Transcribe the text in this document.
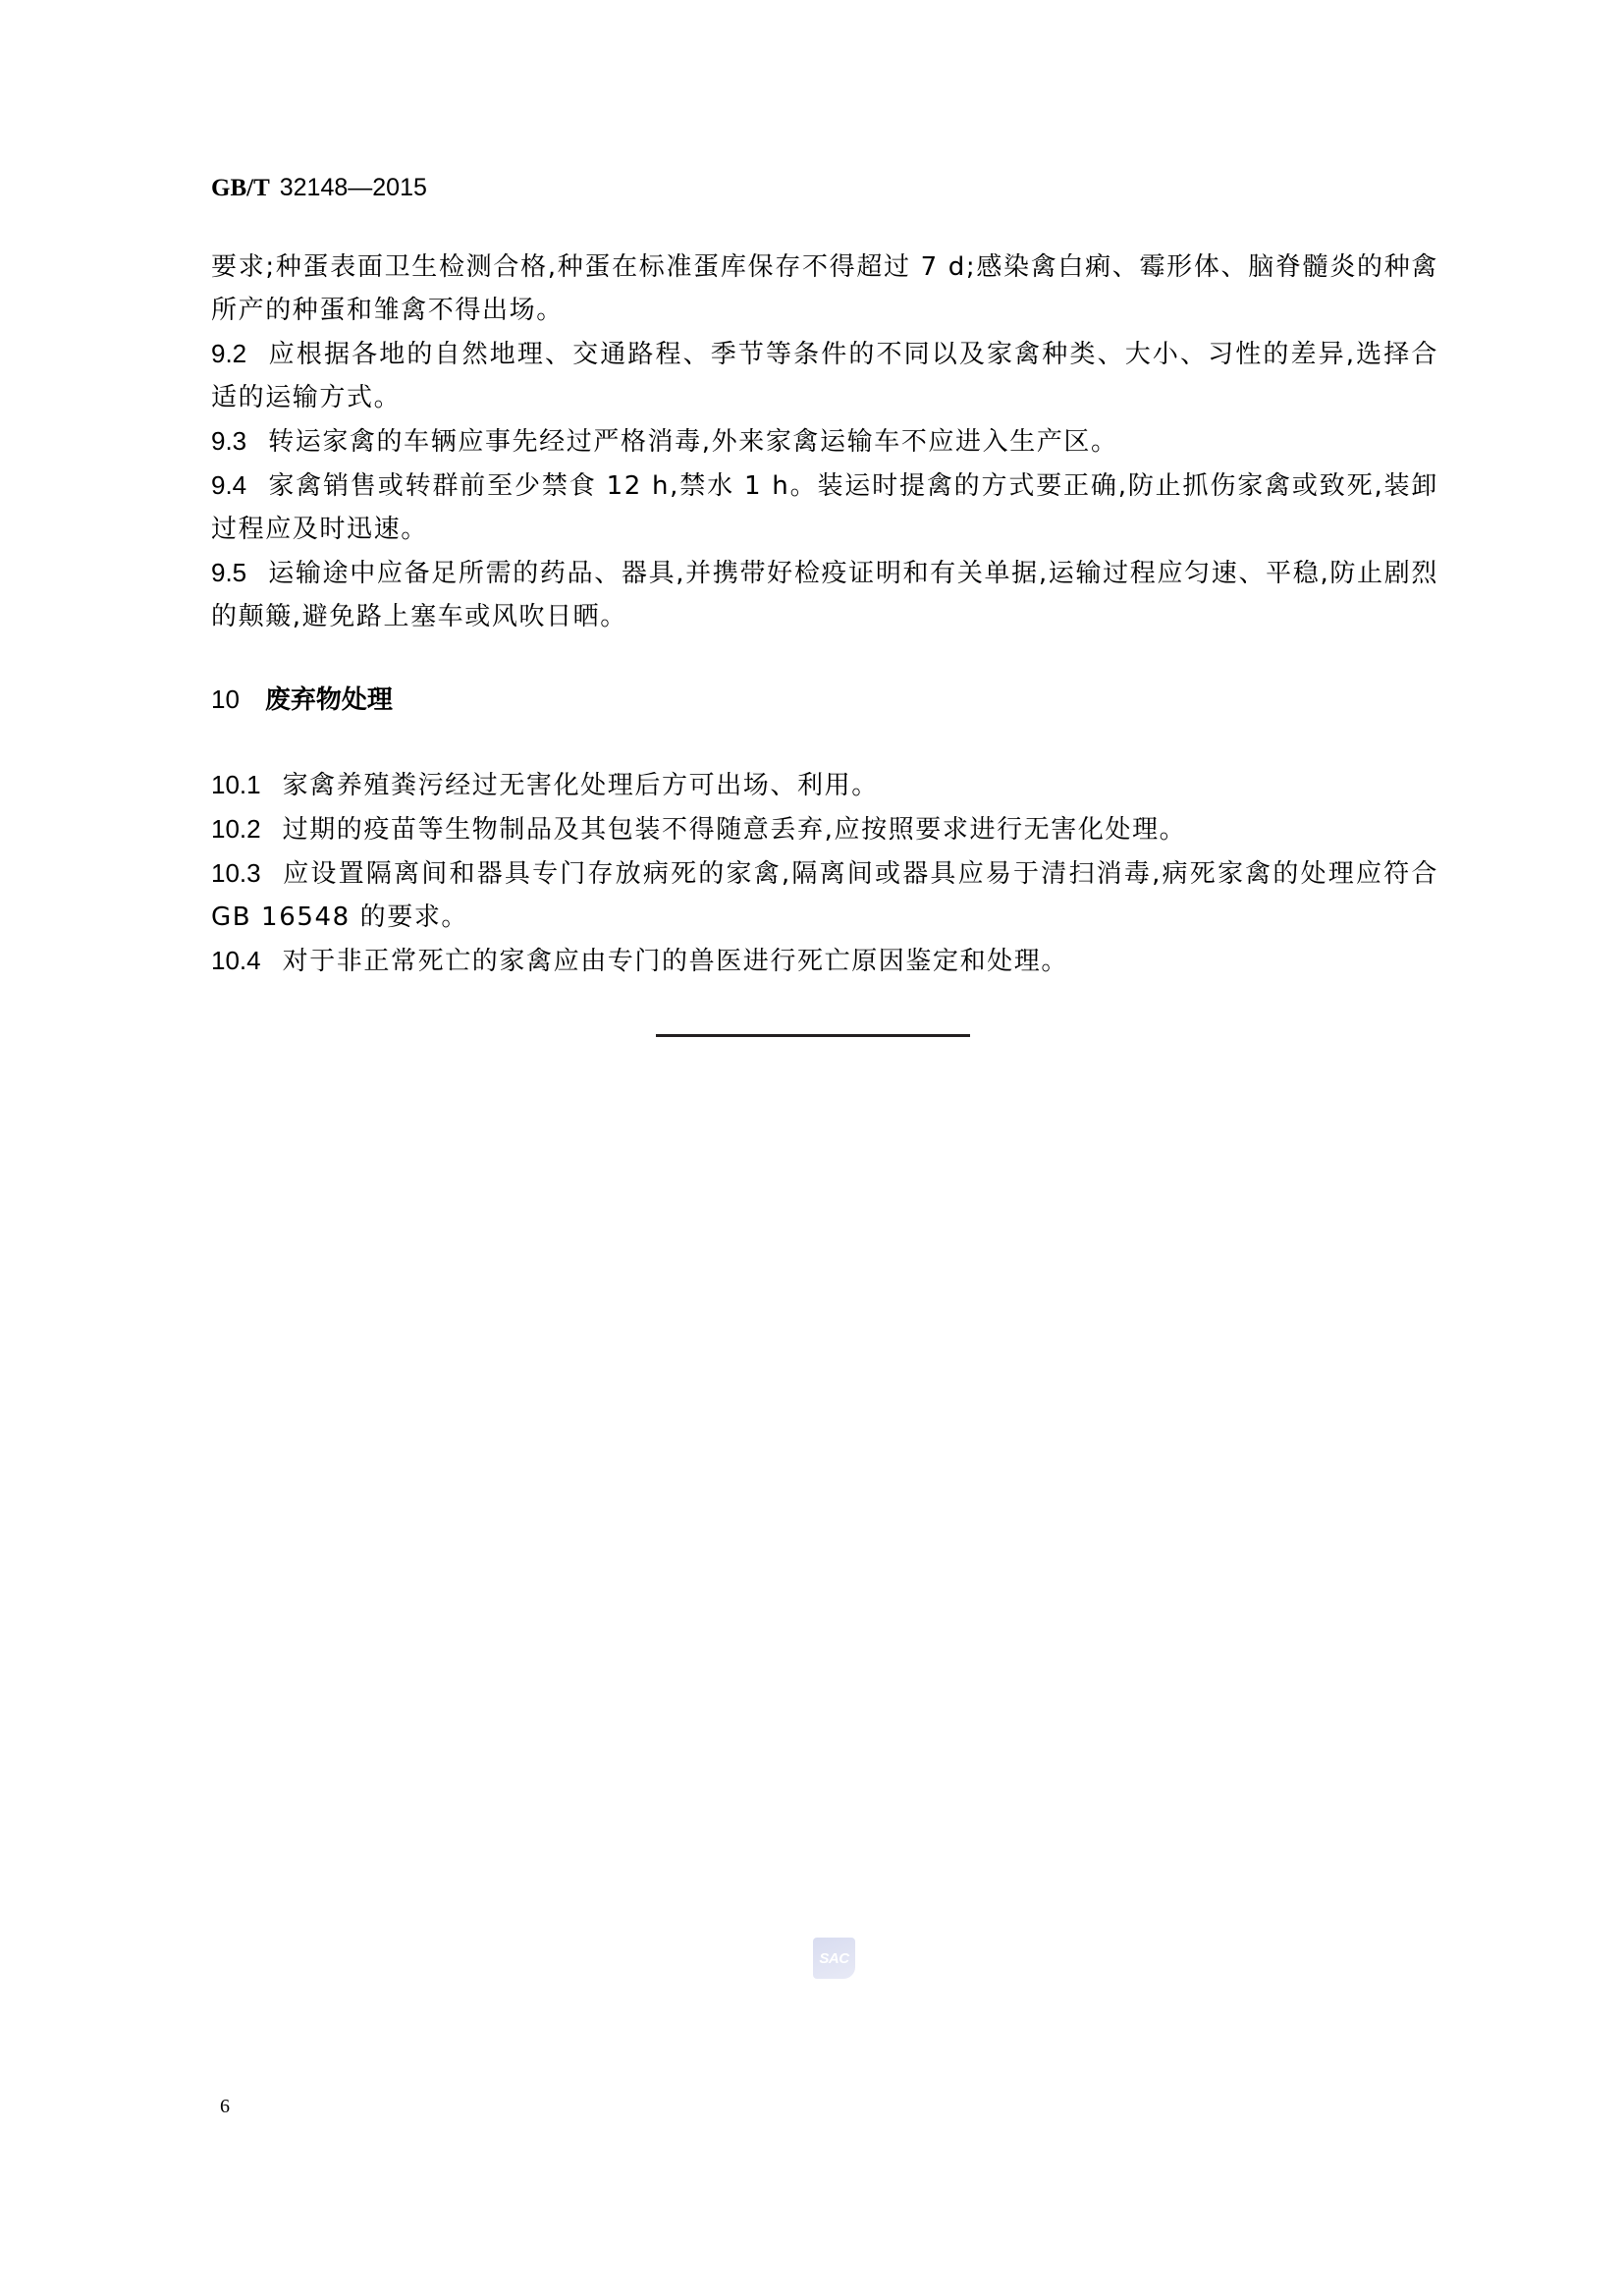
GB/T 32148—2015

要求;种蛋表面卫生检测合格,种蛋在标准蛋库保存不得超过 7 d;感染禽白痢、霉形体、脑脊髓炎的种禽所产的种蛋和雏禽不得出场。

9.2 应根据各地的自然地理、交通路程、季节等条件的不同以及家禽种类、大小、习性的差异,选择合适的运输方式。

9.3 转运家禽的车辆应事先经过严格消毒,外来家禽运输车不应进入生产区。

9.4 家禽销售或转群前至少禁食 12 h,禁水 1 h。装运时提禽的方式要正确,防止抓伤家禽或致死,装卸过程应及时迅速。

9.5 运输途中应备足所需的药品、器具,并携带好检疫证明和有关单据,运输过程应匀速、平稳,防止剧烈的颠簸,避免路上塞车或风吹日晒。

10 废弃物处理

10.1 家禽养殖粪污经过无害化处理后方可出场、利用。

10.2 过期的疫苗等生物制品及其包装不得随意丢弃,应按照要求进行无害化处理。

10.3 应设置隔离间和器具专门存放病死的家禽,隔离间或器具应易于清扫消毒,病死家禽的处理应符合 GB 16548 的要求。

10.4 对于非正常死亡的家禽应由专门的兽医进行死亡原因鉴定和处理。

SAC
6
